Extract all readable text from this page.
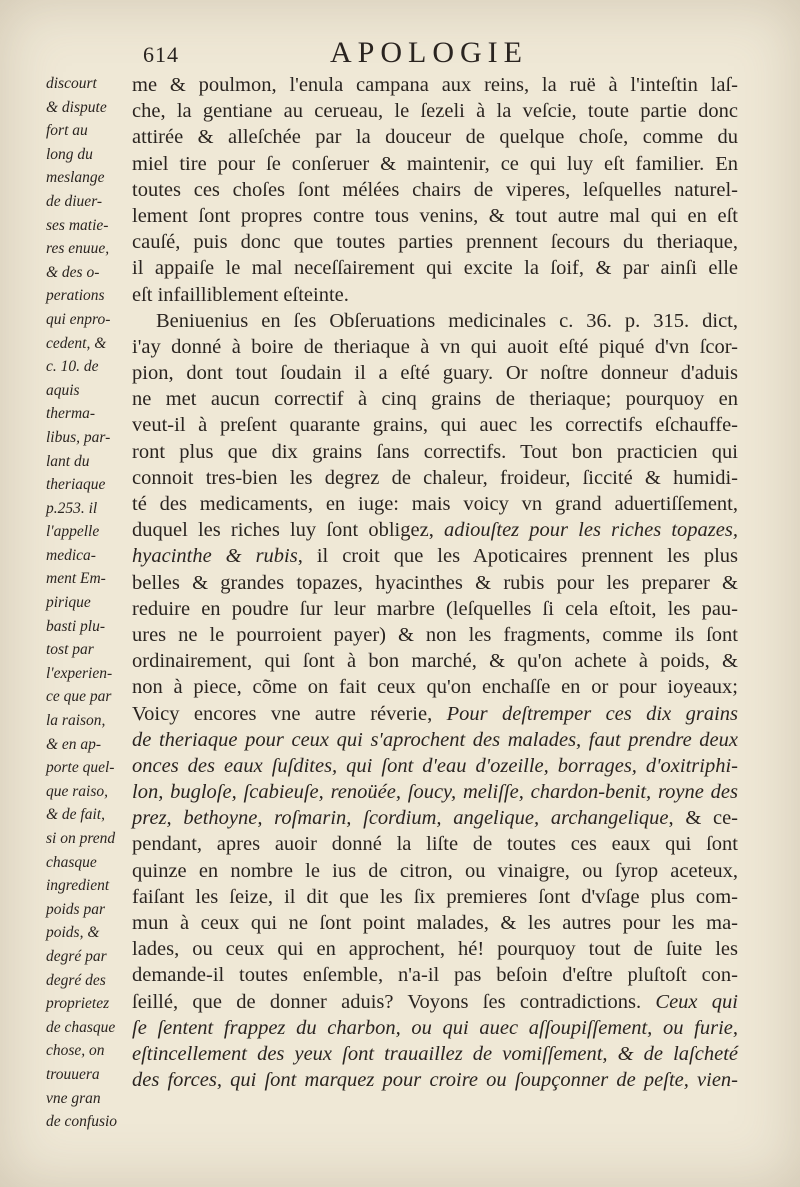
614	APOLOGIE
discourt
& dispute
fort au
long du
meslange
de diuer-
ses matie-
res enuue,
& des o-
perations
qui enpro-
cedent, &
c. 10. de
aquis
therma-
libus, par-
lant du
theriaque
p.253. il
l'appelle
medica-
ment Em-
pirique
basti plu-
tost par
l'experien-
ce que par
la raison,
& en ap-
porte quel-
que raiso,
& de fait,
si on prend
chasque
ingredient
poids par
poids, &
degré par
degré des
proprietez
de chasque
chose, on
trouuera
vne gran
de confusio
me & poulmon, l'enula campana aux reins, la ruë à l'inteſtin laſ-
che, la gentiane au cerueau, le ſezeli à la veſcie, toute partie donc
attirée & alleſchée par la douceur de quelque choſe, comme du
miel tire pour ſe conſeruer & maintenir, ce qui luy eſt familier. En
toutes ces choſes ſont mélées chairs de viperes, leſquelles naturel-
lement ſont propres contre tous venins, & tout autre mal qui en eſt
cauſé, puis donc que toutes parties prennent ſecours du theriaque,
il appaiſe le mal neceſſairement qui excite la ſoif, & par ainſi elle
eſt infailliblement eſteinte.
Beniuenius en ſes Obſeruations medicinales c. 36. p. 315. dict,
i'ay donné à boire de theriaque à vn qui auoit eſté piqué d'vn ſcor-
pion, dont tout ſoudain il a eſté guary. Or noſtre donneur d'aduis
ne met aucun correctif à cinq grains de theriaque; pourquoy en
veut-il à preſent quarante grains, qui auec les correctifs eſchauffe-
ront plus que dix grains ſans correctifs. Tout bon practicien qui
connoit tres-bien les degrez de chaleur, froideur, ſiccité & humidi-
té des medicaments, en iuge: mais voicy vn grand aduertiſſement,
duquel les riches luy ſont obligez, adiouſtez pour les riches topazes,
hyacinthe & rubis, il croit que les Apoticaires prennent les plus
belles & grandes topazes, hyacinthes & rubis pour les preparer &
reduire en poudre ſur leur marbre (leſquelles ſi cela eſtoit, les pau-
ures ne le pourroient payer) & non les fragments, comme ils ſont
ordinairement, qui ſont à bon marché, & qu'on achete à poids, &
non à piece, cõme on fait ceux qu'on enchaſſe en or pour ioyeaux;
Voicy encores vne autre réverie, Pour deſtremper ces dix grains
de theriaque pour ceux qui s'aprochent des malades, faut prendre deux
onces des eaux ſuſdites, qui ſont d'eau d'ozeille, borrages, d'oxitriphi-
lon, bugloſe, ſcabieuſe, renoüée, ſoucy, meliſſe, chardon-benit, royne des
prez, bethoyne, roſmarin, ſcordium, angelique, archangelique, & ce-
pendant, apres auoir donné la liſte de toutes ces eaux qui ſont
quinze en nombre le ius de citron, ou vinaigre, ou ſyrop aceteux,
faiſant les ſeize, il dit que les ſix premieres ſont d'vſage plus com-
mun à ceux qui ne ſont point malades, & les autres pour les ma-
lades, ou ceux qui en approchent, hé! pourquoy tout de ſuite les
demande-il toutes enſemble, n'a-il pas beſoin d'eſtre pluſtoſt con-
ſeillé, que de donner aduis? Voyons ſes contradictions. Ceux qui
ſe ſentent frappez du charbon, ou qui auec aſſoupiſſement, ou furie,
eſtincellement des yeux ſont trauaillez de vomiſſement, & de laſcheté
des forces, qui ſont marquez pour croire ou ſoupçonner de peſte, vien-
